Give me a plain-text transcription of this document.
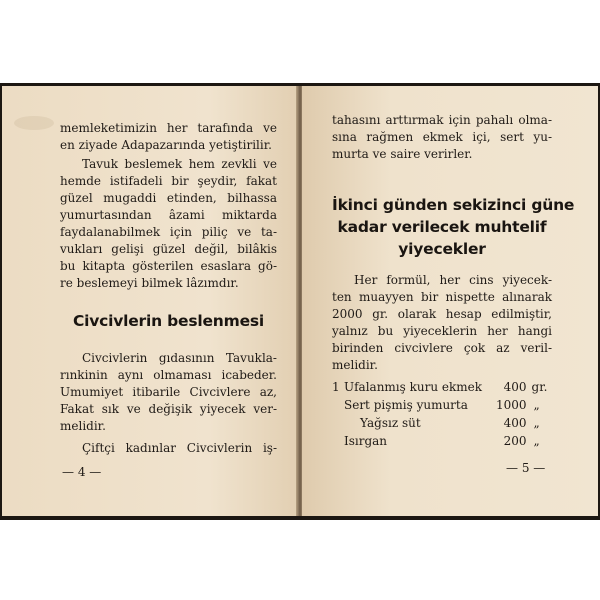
memleketimizin her tarafında ve
en ziyade Adapazarında yetiştirilir.
Tavuk beslemek hem zevkli ve
hemde istifadeli bir şeydir, fakat
güzel mugaddi etinden, bilhassa
yumurtasından âzami miktarda
faydalanabilmek için piliç ve ta-
vukları gelişi güzel değil, bilâkis
bu kitapta gösterilen esaslara gö-
re beslemeyi bilmek lâzımdır.
Civcivlerin beslenmesi
Civcivlerin gıdasının Tavukla-
rınkinin aynı olmaması icabeder.
Umumiyet itibarile Civcivlere az,
Fakat sık ve değişik yiyecek ver-
melidir.
Çiftçi kadınlar Civcivlerin iş-
— 4 —
tahasını arttırmak için pahalı olma-
sına rağmen ekmek içi, sert yu-
murta ve saire verirler.
İkinci günden sekizinci güne
kadar verilecek muhtelif
yiyecekler
Her formül, her cins yiyecek-
ten muayyen bir nispette alınarak
2000 gr. olarak hesap edilmiştir,
yalnız bu yiyeceklerin her hangi
birinden civcivlere çok az veril-
melidir.
1	Ufalanmış kuru ekmek	400	gr.
	Sert pişmiş yumurta	1000	„
	Yağsız süt	400	„
	Isırgan	200	„
— 5 —
